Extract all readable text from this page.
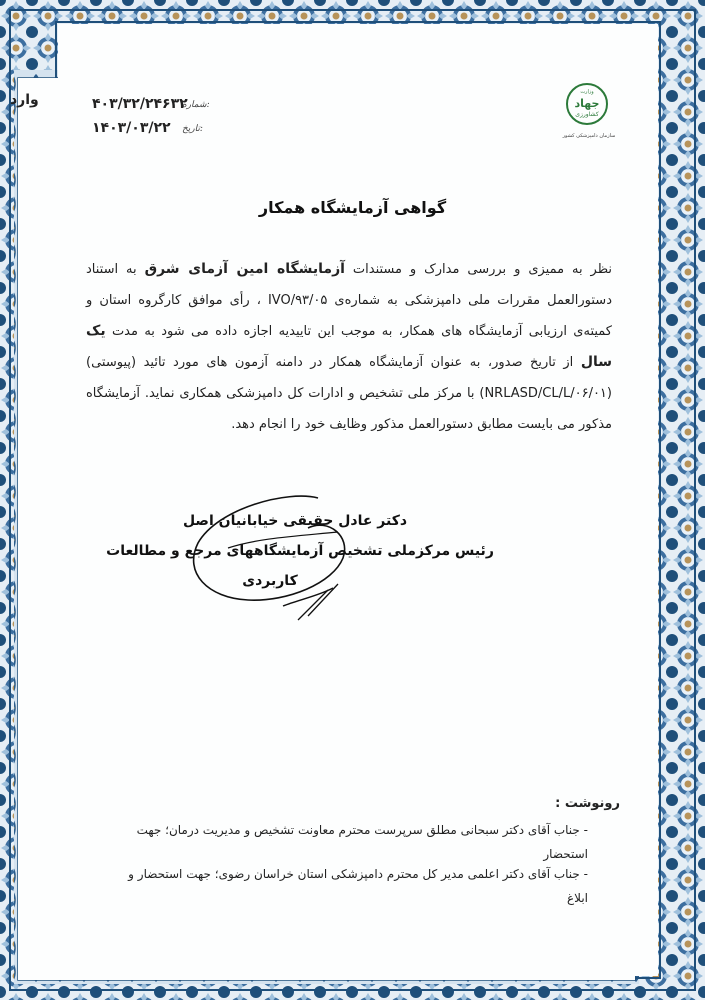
وزارت
جهاد
کشاورزی
سازمان دامپزشکی کشور
وارد	شماره:
۴۰۳/۳۲/۲۴۶۳۲
تاریخ:
۱۴۰۳/۰۳/۲۲
گواهی آزمایشگاه همکار
نظر به ممیزی و بررسی مدارک و مستندات آزمایشگاه امین آزمای شرق به استناد دستورالعمل مقررات ملی دامپزشکی به شماره‌ی IVO/۹۳/۰۵ ، رأی موافق کارگروه استان و کمیته‌ی ارزیابی آزمایشگاه های همکار، به موجب این تاییدیه اجازه داده می شود به مدت یک سال از تاریخ صدور، به عنوان آزمایشگاه همکار در دامنه آزمون های مورد تائید (پیوستی) (NRLASD/CL/L/۰۶/۰۱) با مرکز ملی تشخیص و ادارات کل دامپزشکی همکاری نماید. آزمایشگاه مذکور می بایست مطابق دستورالعمل مذکور وظایف خود را انجام دهد.
دکتر عادل حقیقی خیابانیان اصل
رئیس مرکزملی تشخیص آزمایشگاههای مرجع و مطالعات
کاربردی
رونوشت :
- جناب آقای دکتر سبحانی مطلق سرپرست محترم معاونت تشخیص و مدیریت درمان؛ جهت استحضار
- جناب آقای دکتر اعلمی مدیر کل محترم دامپزشکی استان خراسان رضوی؛ جهت استحضار و ابلاغ
